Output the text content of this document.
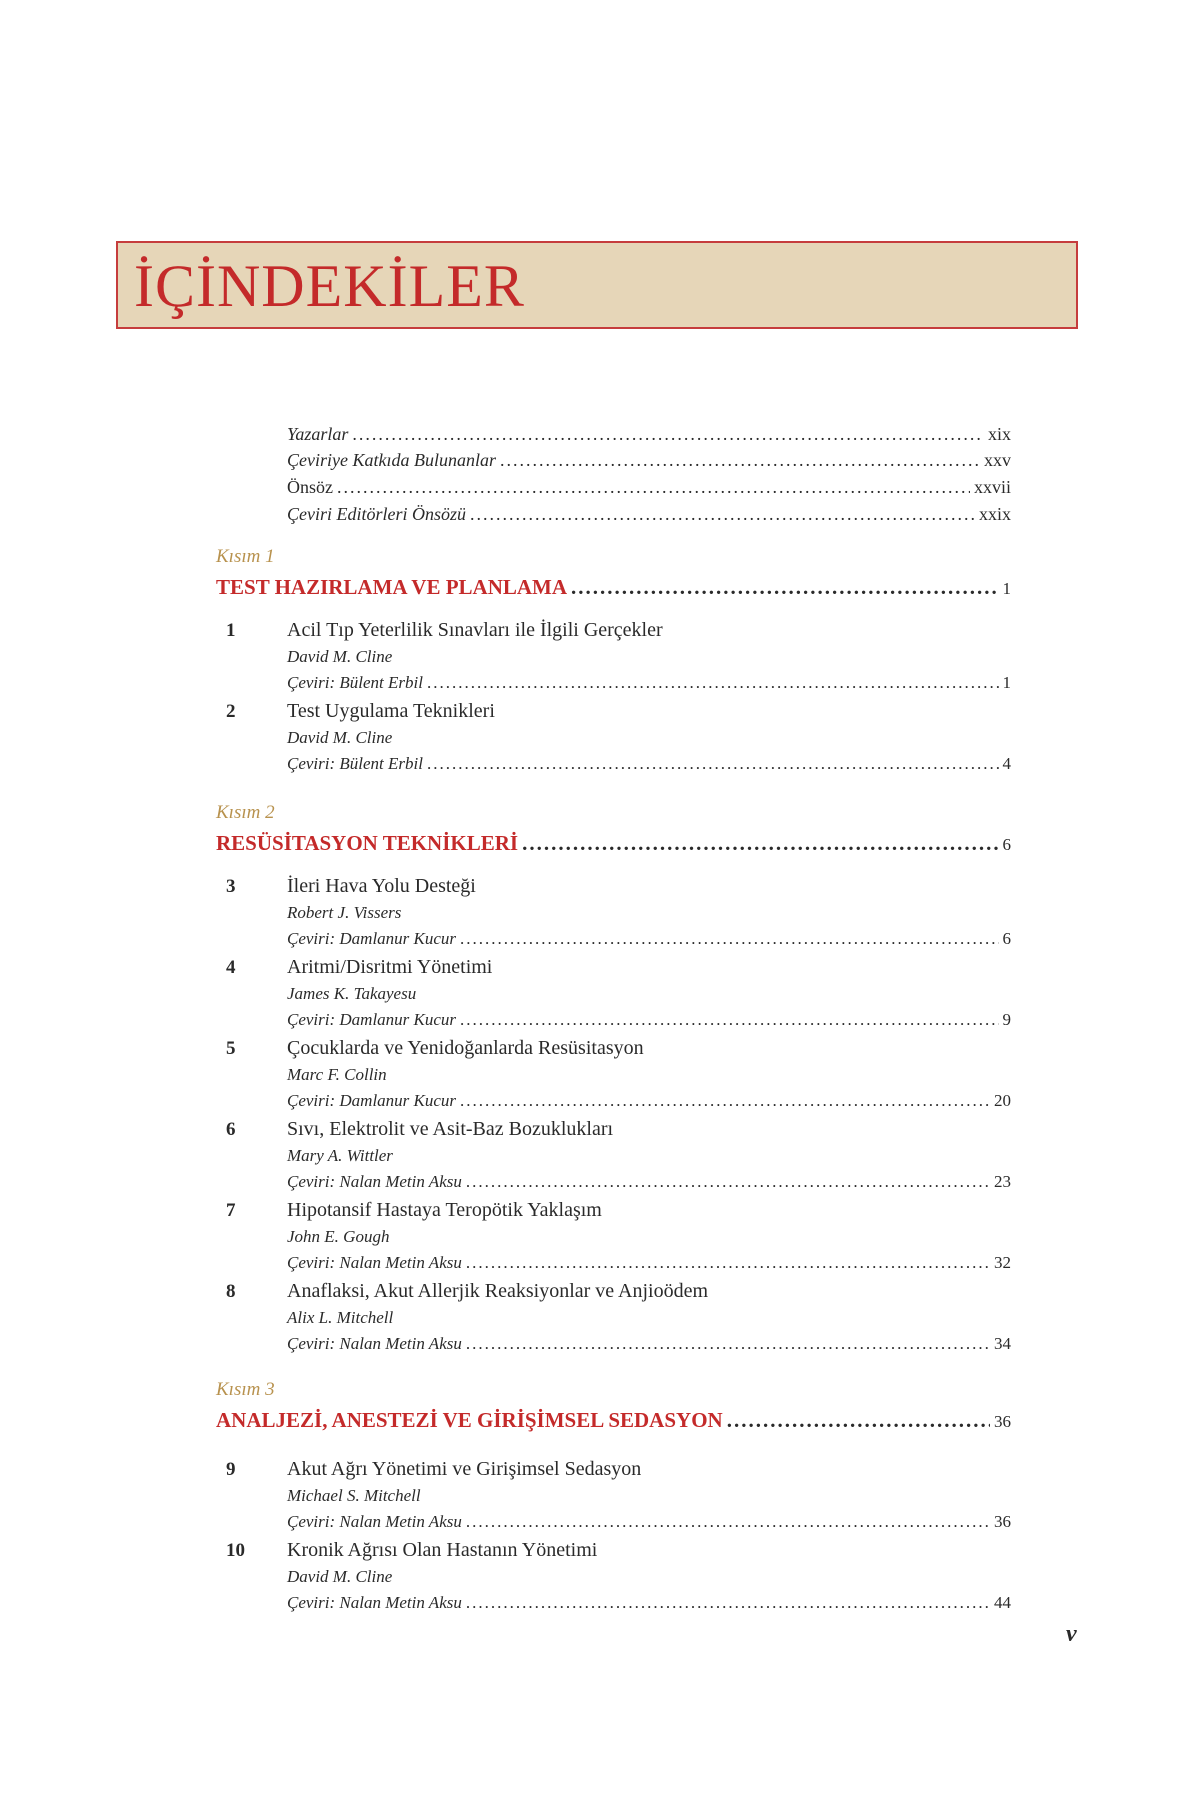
İÇİNDEKİLER
Yazarlar .....	xix
Çeviriye Katkıda Bulunanlar .....	xxv
Önsöz .....	xxvii
Çeviri Editörleri Önsözü .....	xxix
Kısım 1
TEST HAZIRLAMA VE PLANLAMA .....	1
1	Acil Tıp Yeterlilik Sınavları ile İlgili Gerçekler
David M. Cline
Çeviri: Bülent Erbil .....	1
2	Test Uygulama Teknikleri
David M. Cline
Çeviri: Bülent Erbil .....	4
Kısım 2
RESÜSİTASYON TEKNİKLERİ .....	6
3	İleri Hava Yolu Desteği
Robert J. Vissers
Çeviri: Damlanur Kucur .....	6
4	Aritmi/Disritmi Yönetimi
James K. Takayesu
Çeviri: Damlanur Kucur .....	9
5	Çocuklarda ve Yenidoğanlarda Resüsitasyon
Marc F. Collin
Çeviri: Damlanur Kucur .....	20
6	Sıvı, Elektrolit ve Asit-Baz Bozuklukları
Mary A. Wittler
Çeviri: Nalan Metin Aksu .....	23
7	Hipotansif Hastaya Teropötik Yaklaşım
John E. Gough
Çeviri: Nalan Metin Aksu .....	32
8	Anaflaksi, Akut Allerjik Reaksiyonlar ve Anjioödem
Alix L. Mitchell
Çeviri: Nalan Metin Aksu .....	34
Kısım 3
ANALJEZİ, ANESTEZİ VE GİRİŞİMSEL SEDASYON .....	36
9	Akut Ağrı Yönetimi ve Girişimsel Sedasyon
Michael S. Mitchell
Çeviri: Nalan Metin Aksu .....	36
10	Kronik Ağrısı Olan Hastanın Yönetimi
David M. Cline
Çeviri: Nalan Metin Aksu .....	44
v
